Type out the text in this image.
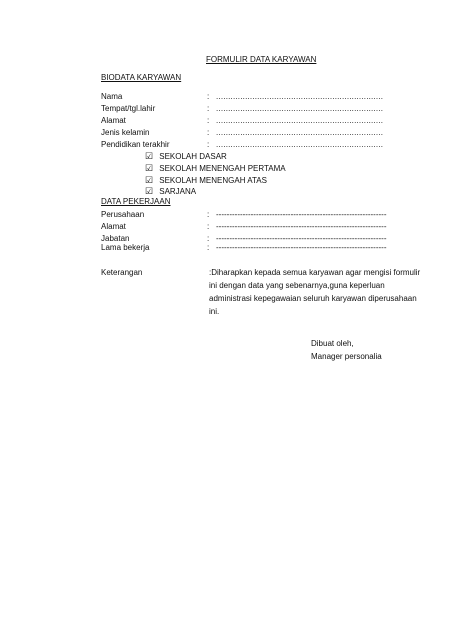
FORMULIR DATA KARYAWAN
BIODATA KARYAWAN
Nama	: .....................................................................
Tempat/tgl.lahir	: .....................................................................
Alamat	: .....................................................................
Jenis kelamin	: .....................................................................
Pendidikan terakhir	: .....................................................................
☑ SEKOLAH DASAR
☑ SEKOLAH MENENGAH PERTAMA
☑ SEKOLAH MENENGAH ATAS
☑ SARJANA
DATA PEKERJAAN
Perusahaan	: ----------------------------------------------------------------
Alamat	: ----------------------------------------------------------------
Jabatan	: ----------------------------------------------------------------
Lama bekerja	: ----------------------------------------------------------------
Keterangan	:Diharapkan kepada semua karyawan agar mengisi formulir ini dengan data yang sebenarnya,guna keperluan administrasi kepegawaian seluruh karyawan diperusahaan ini.
Dibuat oleh,
Manager personalia
